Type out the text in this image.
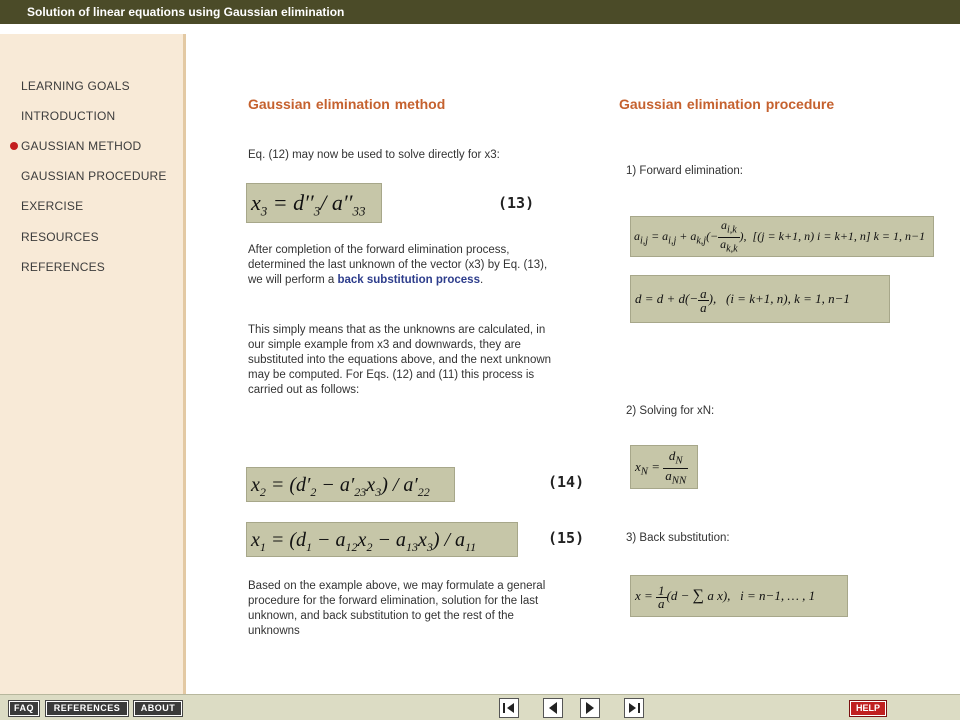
Solution of linear equations using Gaussian elimination
LEARNING GOALS
INTRODUCTION
GAUSSIAN METHOD
GAUSSIAN PROCEDURE
EXERCISE
RESOURCES
REFERENCES
Gaussian elimination method
Eq. (12) may now be used to solve directly for x3:
$x_3 = d''_3/$ $a''_{33}$	(13)
After completion of the forward elimination process, determined the last unknown of the vector (x3) by Eq. (13), we will perform a back substitution process.
This simply means that as the unknowns are calculated, in our simple example from x3 and downwards, they are substituted into the equations above, and the next unknown may be computed. For Eqs. (12) and (11) this process is carried out as follows:
$x_2 = (d'_2 - a'_{23}x_3) / a'_{22}$
(14)
$x_1 = (d_1 - a_{12}x_2 - a_{13}x_3) / a_{11}$	(15)
Based on the example above, we may formulate a general procedure for the forward elimination, solution for the last unknown, and back substitution to get the rest of the unknowns
Gaussian elimination procedure
1) Forward elimination:
$a_{i,j} = a_{i,j} + a_{k,j}(- \frac{a_{i,k}}{a_{k,k}}$ ),  [(j = k+1, n) i = k+1, n] k = 1, n−1
$d = d + d(- \frac{a}{a}$ ),   (i = k+1, n), k = 1, n−1
2) Solving for xN:
$x_N = \frac{d_N}{a_{NN}}$
3) Back substitution:
$x = \frac{1}{a} (d$ − ∑ a x),   i = n−1, … , 1
FAQ	REFERENCES	ABOUT	HELP
